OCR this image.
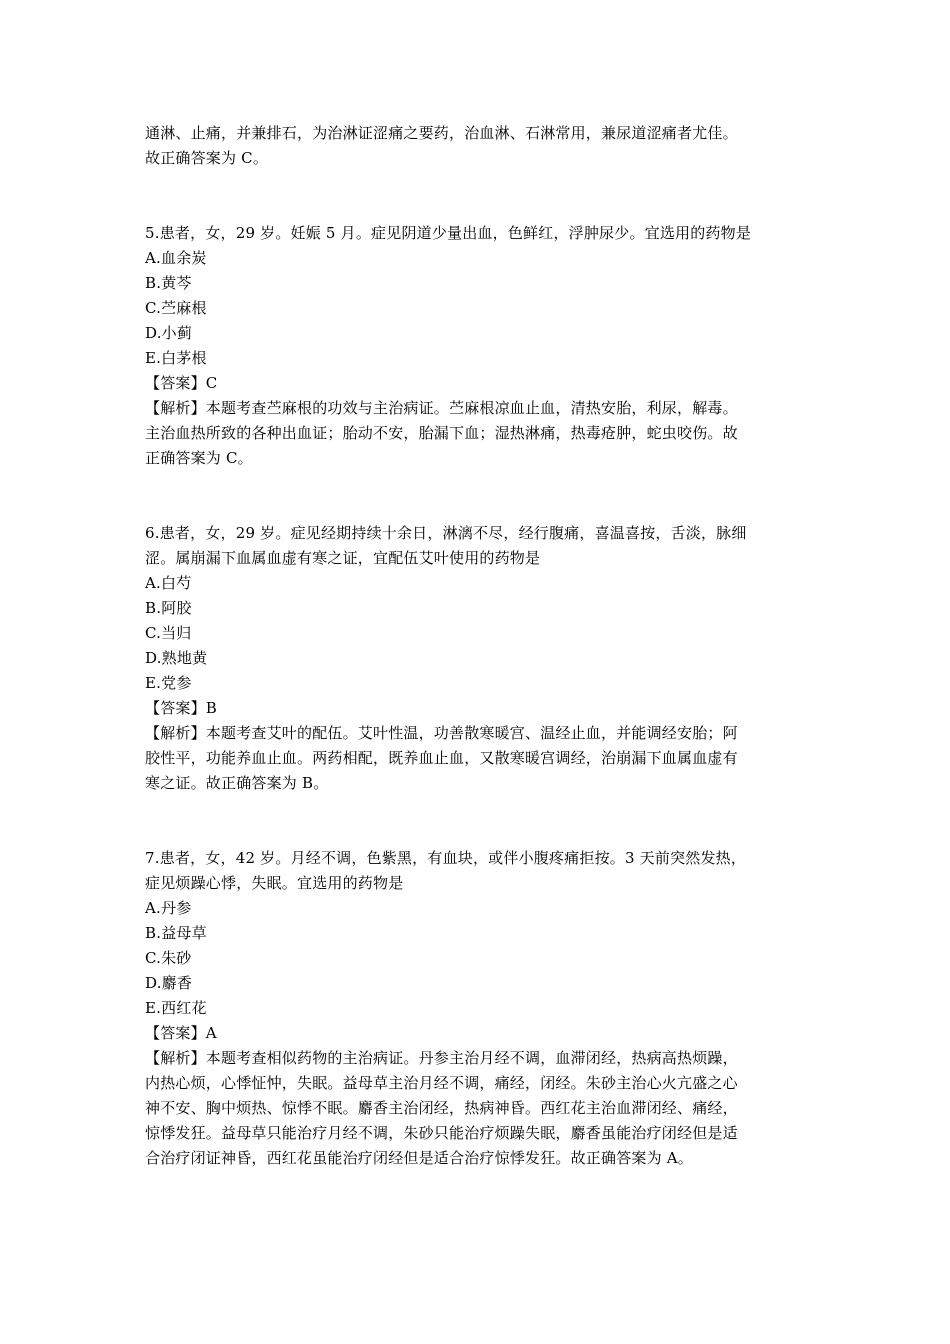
通淋、止痛，并兼排石，为治淋证涩痛之要药，治血淋、石淋常用，兼尿道涩痛者尤佳。
故正确答案为 C。
5.患者，女，29 岁。妊娠 5 月。症见阴道少量出血，色鲜红，浮肿尿少。宜选用的药物是
A.血余炭
B.黄芩
C.苎麻根
D.小蓟
E.白茅根
【答案】C
【解析】本题考查苎麻根的功效与主治病证。苎麻根凉血止血，清热安胎，利尿，解毒。
主治血热所致的各种出血证；胎动不安，胎漏下血；湿热淋痛，热毒疮肿，蛇虫咬伤。故
正确答案为 C。
6.患者，女，29 岁。症见经期持续十余日，淋漓不尽，经行腹痛，喜温喜按，舌淡，脉细
涩。属崩漏下血属血虚有寒之证，宜配伍艾叶使用的药物是
A.白芍
B.阿胶
C.当归
D.熟地黄
E.党参
【答案】B
【解析】本题考查艾叶的配伍。艾叶性温，功善散寒暖宫、温经止血，并能调经安胎；阿
胶性平，功能养血止血。两药相配，既养血止血，又散寒暖宫调经，治崩漏下血属血虚有
寒之证。故正确答案为 B。
7.患者，女，42 岁。月经不调，色紫黑，有血块，或伴小腹疼痛拒按。3 天前突然发热，
症见烦躁心悸，失眠。宜选用的药物是
A.丹参
B.益母草
C.朱砂
D.麝香
E.西红花
【答案】A
【解析】本题考查相似药物的主治病证。丹参主治月经不调，血滞闭经，热病高热烦躁，
内热心烦，心悸怔忡，失眠。益母草主治月经不调，痛经，闭经。朱砂主治心火亢盛之心
神不安、胸中烦热、惊悸不眠。麝香主治闭经，热病神昏。西红花主治血滞闭经、痛经，
惊悸发狂。益母草只能治疗月经不调，朱砂只能治疗烦躁失眠，麝香虽能治疗闭经但是适
合治疗闭证神昏，西红花虽能治疗闭经但是适合治疗惊悸发狂。故正确答案为 A。
